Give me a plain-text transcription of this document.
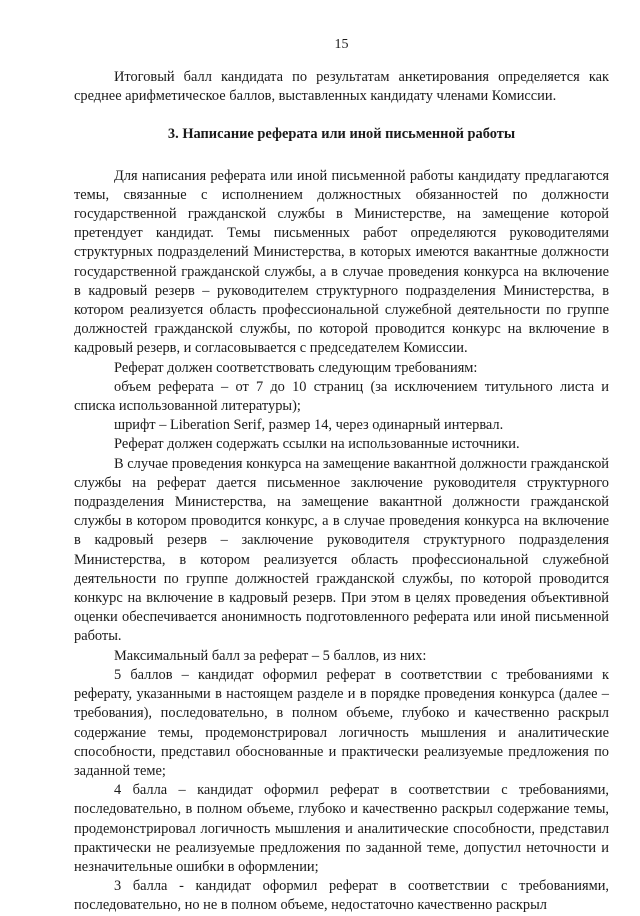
15

Итоговый балл кандидата по результатам анкетирования определяется как среднее арифметическое баллов, выставленных кандидату членами Комиссии.

3. Написание реферата или иной письменной работы

Для написания реферата или иной письменной работы кандидату предлагаются темы, связанные с исполнением должностных обязанностей по должности государственной гражданской службы в Министерстве, на замещение которой претендует кандидат. Темы письменных работ определяются руководителями структурных подразделений Министерства, в которых имеются вакантные должности государственной гражданской службы, а в случае проведения конкурса на включение в кадровый резерв – руководителем структурного подразделения Министерства, в котором реализуется область профессиональной служебной деятельности по группе должностей гражданской службы, по которой проводится конкурс на включение в кадровый резерв, и согласовывается с председателем Комиссии.

Реферат должен соответствовать следующим требованиям:

объем реферата – от 7 до 10 страниц (за исключением титульного листа и списка использованной литературы);

шрифт – Liberation Serif, размер 14, через одинарный интервал.

Реферат должен содержать ссылки на использованные источники.

В случае проведения конкурса на замещение вакантной должности гражданской службы на реферат дается письменное заключение руководителя структурного подразделения Министерства, на замещение вакантной должности гражданской службы в котором проводится конкурс, а в случае проведения конкурса на включение в кадровый резерв – заключение руководителя структурного подразделения Министерства, в котором реализуется область профессиональной служебной деятельности по группе должностей гражданской службы, по которой проводится конкурс на включение в кадровый резерв. При этом в целях проведения объективной оценки обеспечивается анонимность подготовленного реферата или иной письменной работы.

Максимальный балл за реферат – 5 баллов, из них:

5 баллов – кандидат оформил реферат в соответствии с требованиями к реферату, указанными в настоящем разделе и в порядке проведения конкурса (далее – требования), последовательно, в полном объеме, глубоко и качественно раскрыл содержание темы, продемонстрировал логичность мышления и аналитические способности, представил обоснованные и практически реализуемые предложения по заданной теме;

4 балла – кандидат оформил реферат в соответствии с требованиями, последовательно, в полном объеме, глубоко и качественно раскрыл содержание темы, продемонстрировал логичность мышления и аналитические способности, представил практически не реализуемые предложения по заданной теме, допустил неточности и незначительные ошибки в оформлении;

3 балла - кандидат оформил реферат в соответствии с требованиями, последовательно, но не в полном объеме, недостаточно качественно раскрыл
